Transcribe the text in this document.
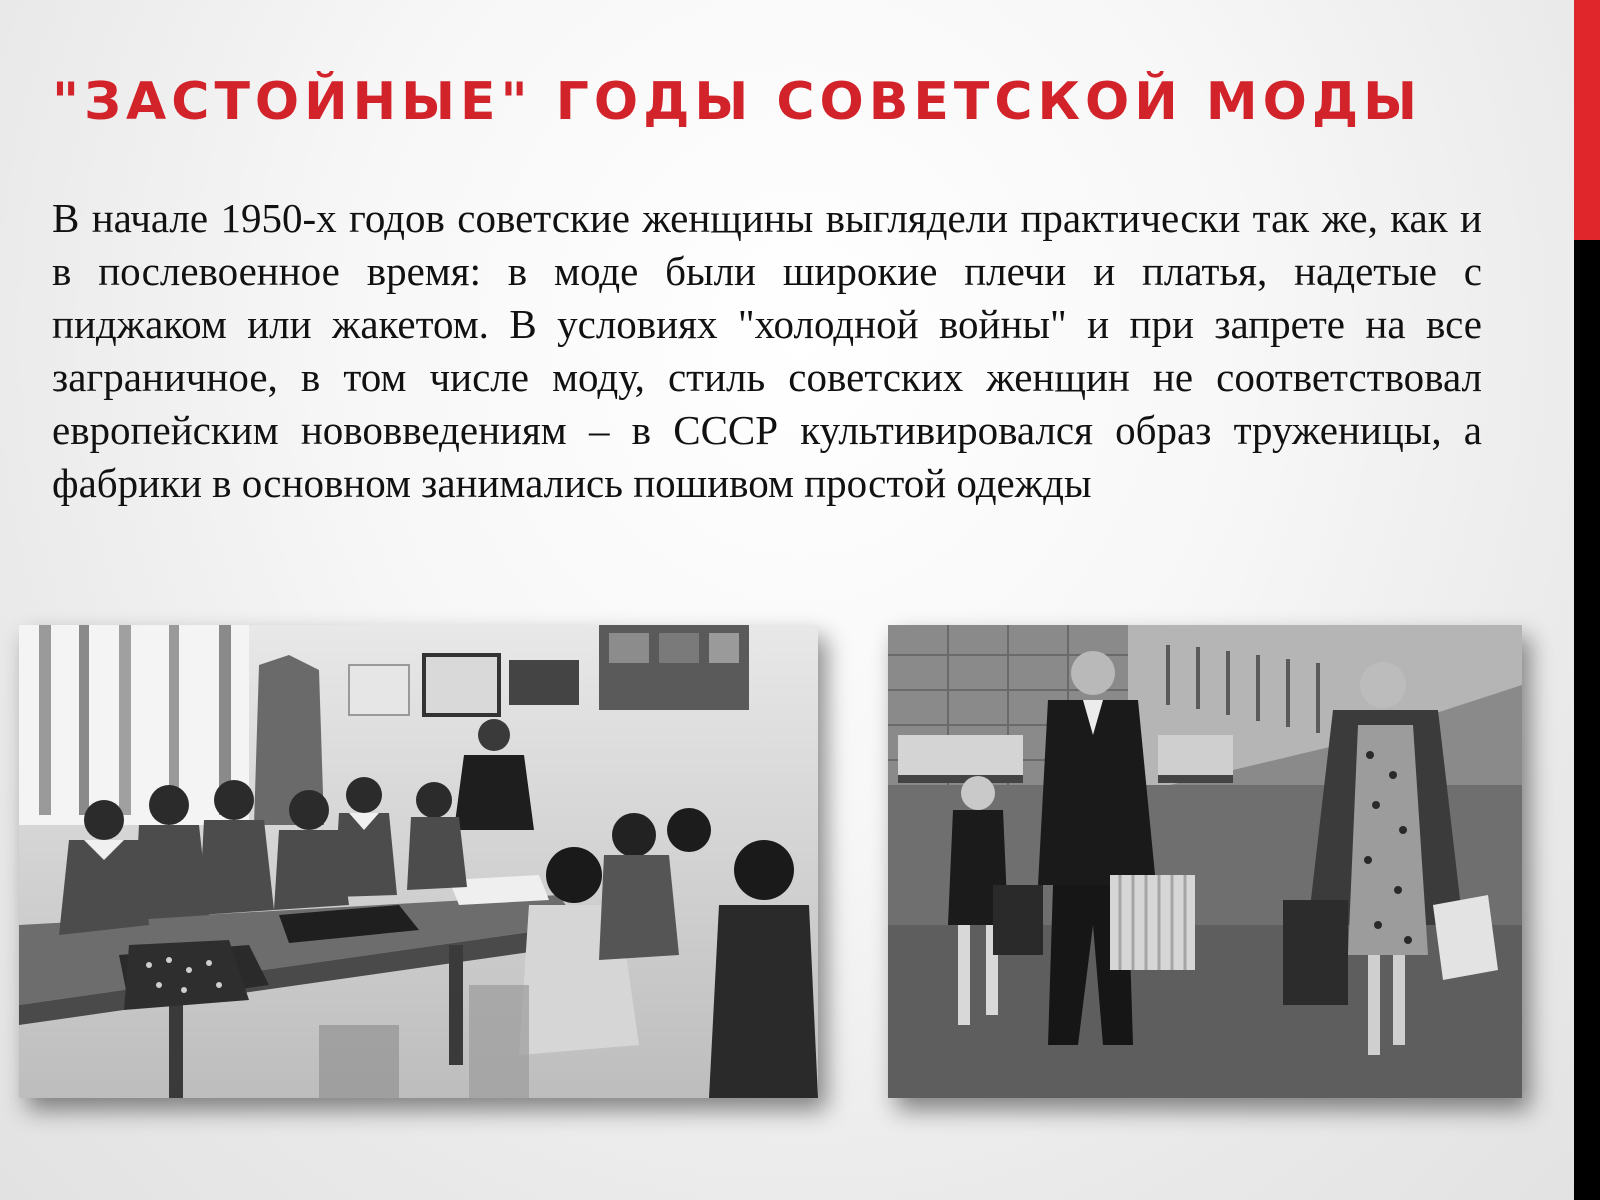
"ЗАСТОЙНЫЕ" ГОДЫ СОВЕТСКОЙ МОДЫ

В начале 1950-х годов советские женщины выглядели практически так же, как и в послевоенное время: в моде были широкие плечи и платья, надетые с пиджаком или жакетом. В условиях "холодной войны" и при запрете на все заграничное, в том числе моду, стиль советских женщин не соответствовал европейским нововведениям – в СССР культивировался образ труженицы, а фабрики в основном занимались пошивом простой одежды
